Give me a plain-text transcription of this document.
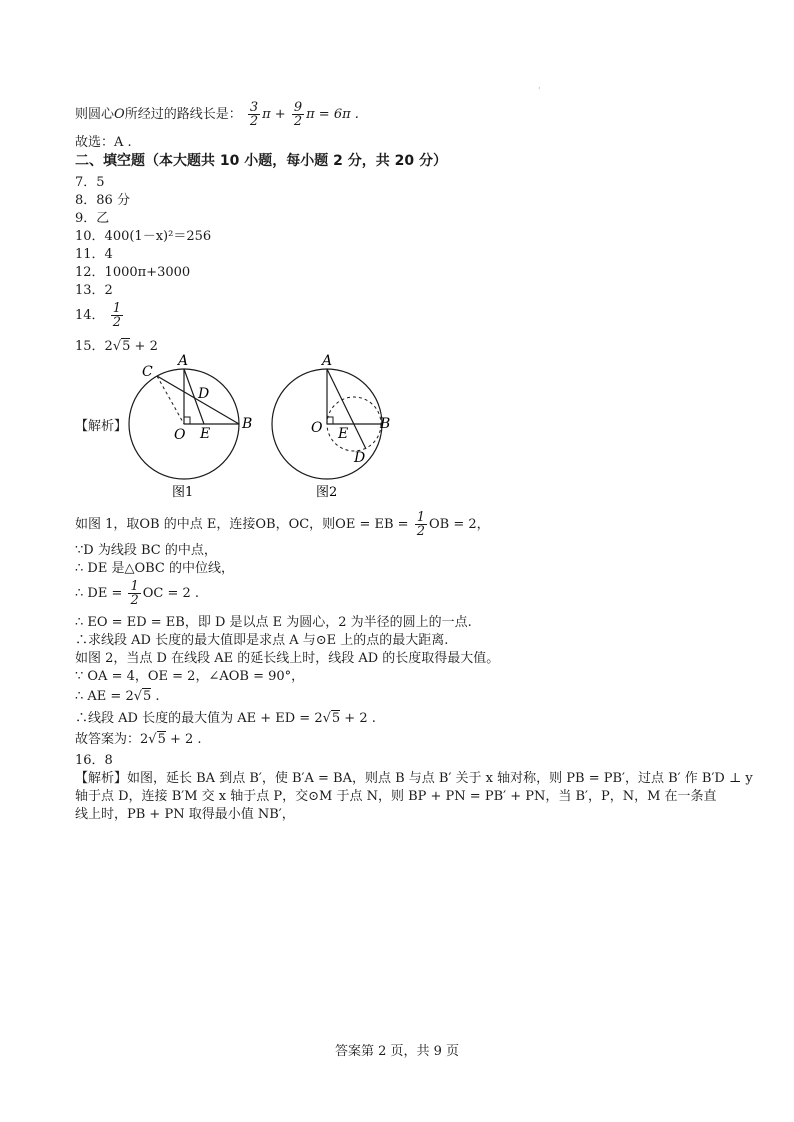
·
则圆心O所经过的路线长是： $\frac{3}{2}$ $\pi + \frac{9}{2}$ π = 6π .
故选：A .
二、填空题（本大题共 10 小题，每小题 2 分，共 20 分）
7．5
8．86 分
9．乙
10．400(1－x)²＝256
11．4
12．1000π+3000
13．2
14． $\frac{1}{2}$
15．2√5 + 2
【解析】
A
B
C
D
E
O
图1
A
B
D
E
O
图2
如图 1，取OB 的中点 E，连接OB，OC，则OE = EB = $\frac{1}{2}$ OB = 2，
∵D 为线段 BC 的中点，
∴ DE 是△OBC 的中位线，
∴ DE = $\frac{1}{2}$ OC = 2 .
∴ EO = ED = EB，即 D 是以点 E 为圆心，2 为半径的圆上的一点.
∴求线段 AD 长度的最大值即是求点 A 与⊙E 上的点的最大距离.
如图 2，当点 D 在线段 AE 的延长线上时，线段 AD 的长度取得最大值。
∵ OA = 4，OE = 2，∠AOB = 90°，
∴ AE = 2√5 .
∴线段 AD 长度的最大值为 AE + ED = 2√5 + 2 .
故答案为：2√5 + 2 .
16．8
【解析】如图，延长 BA 到点 B′，使 B′A = BA，则点 B 与点 B′ 关于 x 轴对称，则 PB = PB′，过点 B′ 作 B′D ⊥ y
轴于点 D，连接 B′M 交 x 轴于点 P，交⊙M 于点 N，则 BP + PN = PB′ + PN，当 B′，P，N，M 在一条直
线上时，PB + PN 取得最小值 NB′，
答案第 2 页，共 9 页
